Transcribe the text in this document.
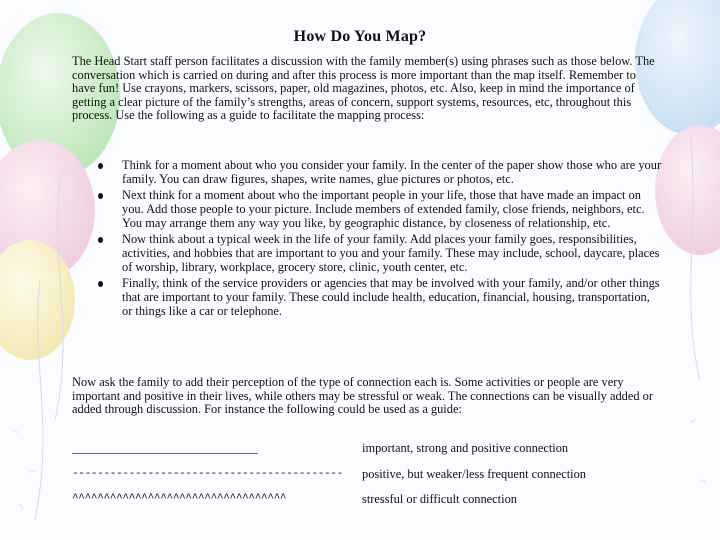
How Do You Map?

The Head Start staff person facilitates a discussion with the family member(s) using phrases such as those below. The conversation which is carried on during and after this process is more important than the map itself. Remember to have fun! Use crayons, markers, scissors, paper, old magazines, photos, etc. Also, keep in mind the importance of getting a clear picture of the family’s strengths, areas of concern, support systems, resources, etc, throughout this process. Use the following as a guide to facilitate the mapping process:

Think for a moment about who you consider your family. In the center of the paper show those who are your family. You can draw figures, shapes, write names, glue pictures or photos, etc.
Next think for a moment about who the important people in your life, those that have made an impact on you. Add those people to your picture. Include members of extended family, close friends, neighbors, etc. You may arrange them any way you like, by geographic distance, by closeness of relationship, etc.
Now think about a typical week in the life of your family. Add places your family goes, responsibilities, activities, and hobbies that are important to you and your family. These may include, school, daycare, places of worship, library, workplace, grocery store, clinic, youth center, etc.
Finally, think of the service providers or agencies that may be involved with your family, and/or other things that are important to your family. These could include health, education, financial, housing, transportation, or things like a car or telephone.

Now ask the family to add their perception of the type of connection each is. Some activities or people are very important and positive in their lives, while others may be stressful or weak. The connections can be visually added or added through discussion. For instance the following could be used as a guide:

______________________________	important, strong and positive connection
------------------------------------------- positive, but weaker/less frequent connection
^^^^^^^^^^^^^^^^^^^^^^^^^^^^^^^^^^	stressful or difficult connection
